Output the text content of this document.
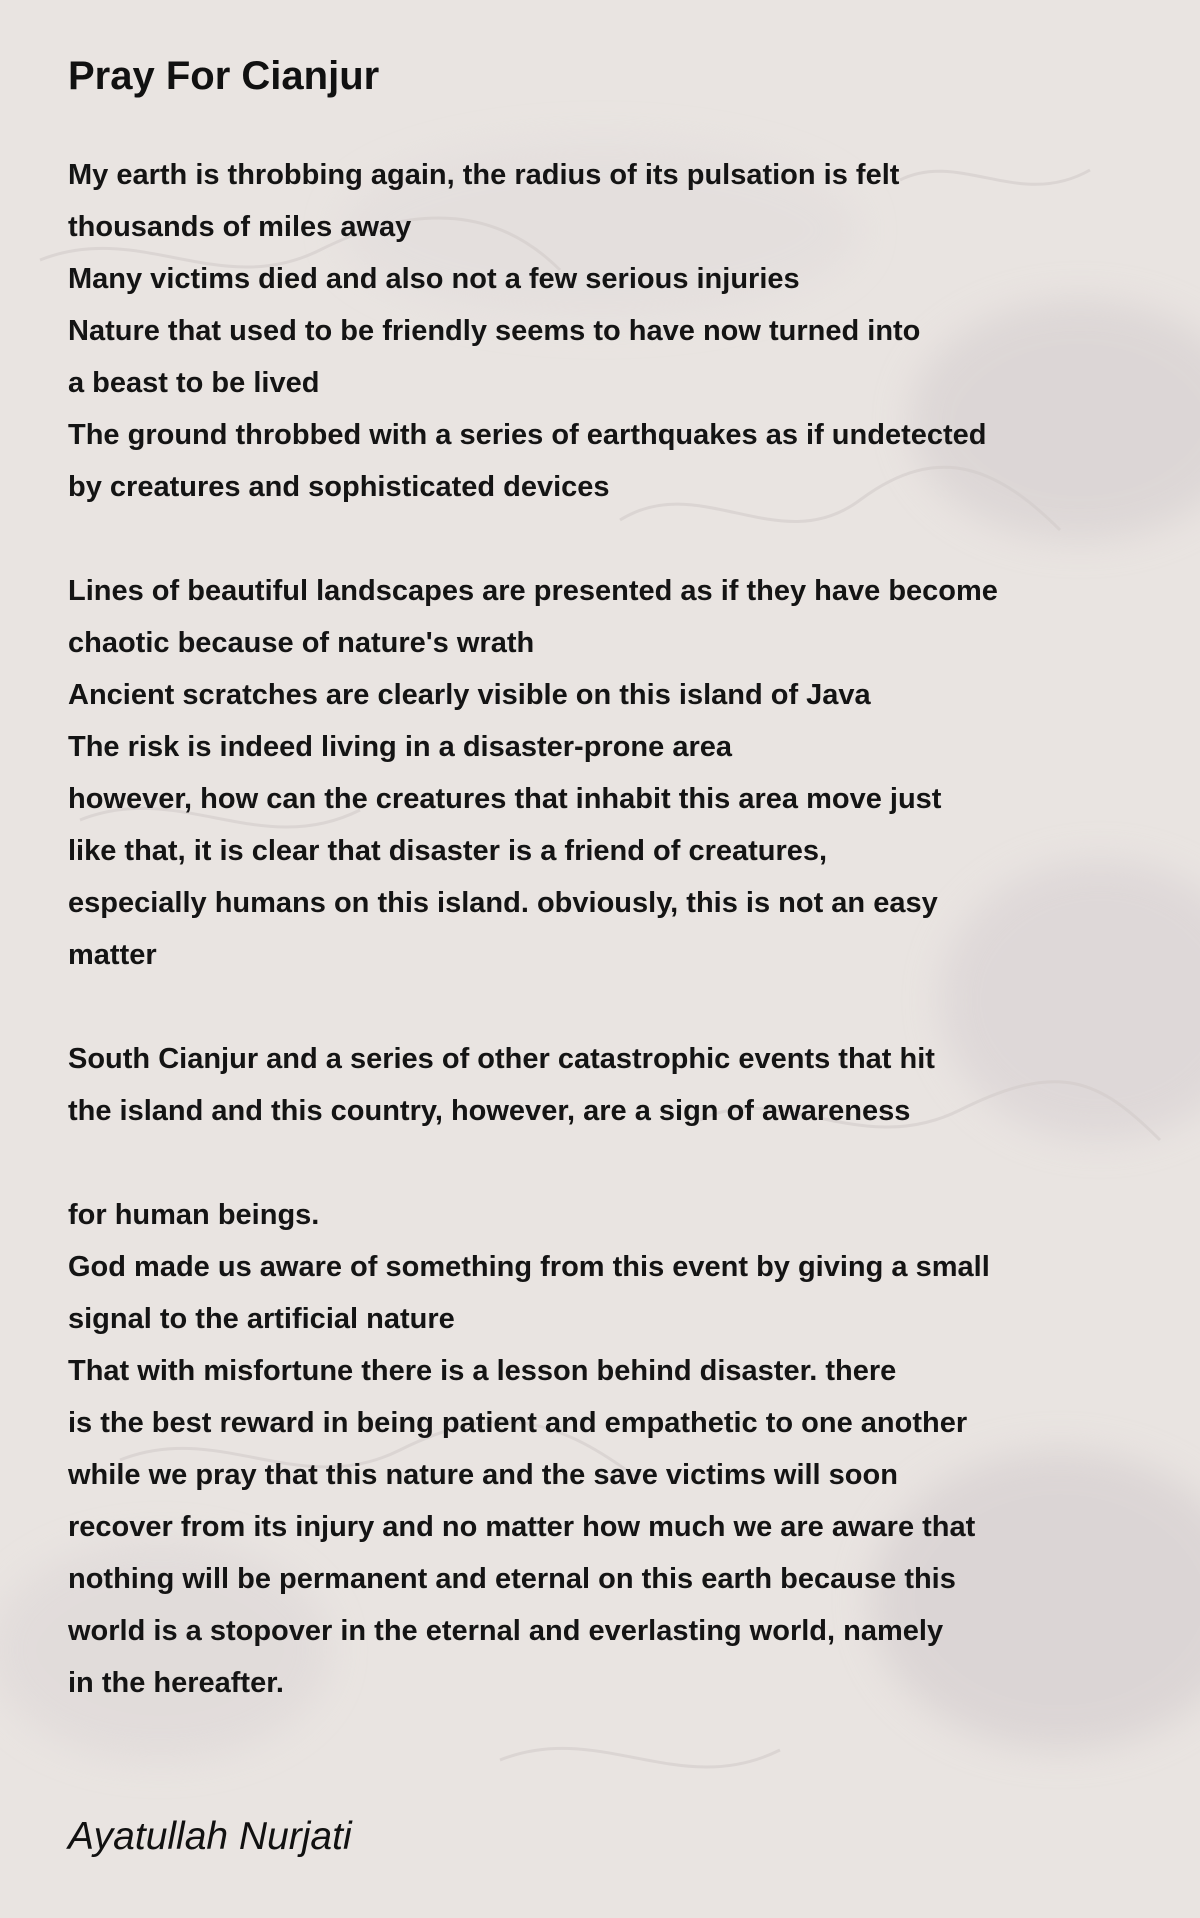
Pray For Cianjur
My earth is throbbing again, the radius of its pulsation is felt
thousands of miles away
Many victims died and also not a few serious injuries
Nature that used to be friendly seems to have now turned into
a beast to be lived
The ground throbbed with a series of earthquakes as if undetected
by creatures and sophisticated devices
Lines of beautiful landscapes are presented as if they have become
chaotic because of nature's wrath
Ancient scratches are clearly visible on this island of Java
The risk is indeed living in a disaster-prone area
however, how can the creatures that inhabit this area move just
like that, it is clear that disaster is a friend of creatures,
especially humans on this island. obviously, this is not an easy
matter
South Cianjur and a series of other catastrophic events that hit
the island and this country, however, are a sign of awareness
for human beings.
God made us aware of something from this event by giving a small
signal to the artificial nature
That with misfortune there is a lesson behind disaster. there
is the best reward in being patient and empathetic to one another
while we pray that this nature and the save victims will soon
recover from its injury and no matter how much we are aware that
nothing will be permanent and eternal on this earth because this
world is a stopover in the eternal and everlasting world, namely
in the hereafter.

Ayatullah Nurjati
